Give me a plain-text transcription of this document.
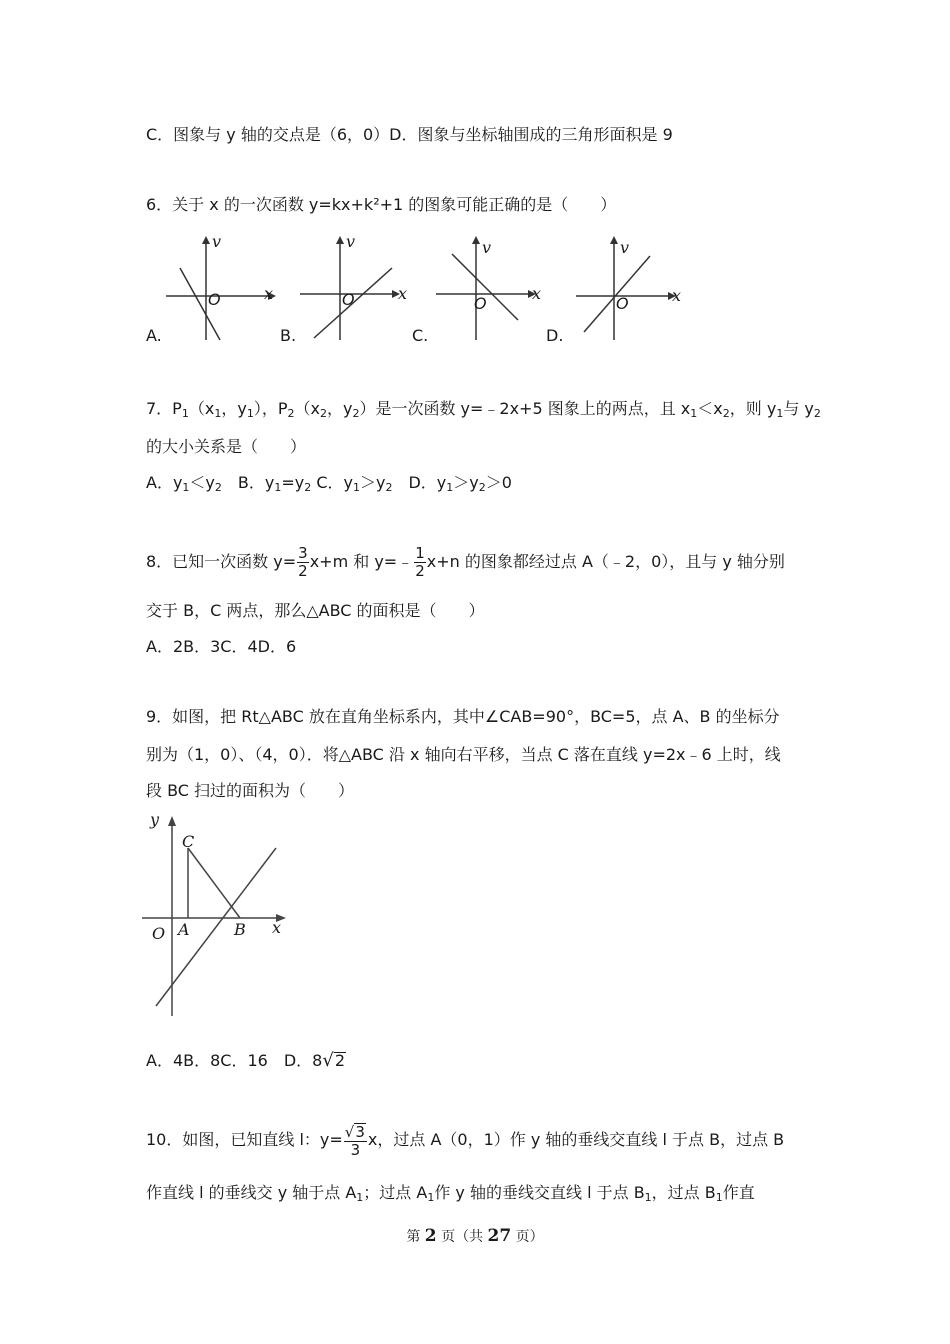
C．图象与 y 轴的交点是（6，0）D．图象与坐标轴围成的三角形面积是 9
6．关于 x 的一次函数 y=kx+k²+1 的图象可能正确的是（　　）
v
x
O
v
x
O
v
x
O
v
x
O
A.	B.	C.	D.
7．$P_1(x_1$，$y_1$），$P_2(x_2$，$y_2$）是一次函数 y=﹣2x+5 图象上的两点，且 $x_1<x_2$，则 $y_1$与 $y_2$
的大小关系是（　　）
A．$y_1<y_2$　B．$y_1=y_2$ C．$y_1>y_2$　D．$y_1>y_2>0$
8．已知一次函数 $y= \frac{3}{2} x+m$ 和 y=﹣ $\frac{1}{2} x+n$ 的图象都经过点 A（﹣2，0），且与 y 轴分别
交于 B，C 两点，那么△ABC 的面积是（　　）
A．2B．3C．4D．6
9．如图，把 Rt△ABC 放在直角坐标系内，其中∠CAB=90°，BC=5，点 A、B 的坐标分
别为（1，0）、（4，0）．将△ABC 沿 x 轴向右平移，当点 C 落在直线 y=2x﹣6 上时，线
段 BC 扫过的面积为（　　）
y
x
O A	B
C
A．4B．8C．16　D．8√2
10．如图，已知直线 l：$y= \frac{√3}{3}$ x，过点 A（0，1）作 y 轴的垂线交直线 l 于点 B，过点 B
作直线 l 的垂线交 y 轴于点 $A_1$；过点 $A_1$作 y 轴的垂线交直线 l 于点 $B_1$，过点 $B_1$作直
第 2 页（共 27 页）
